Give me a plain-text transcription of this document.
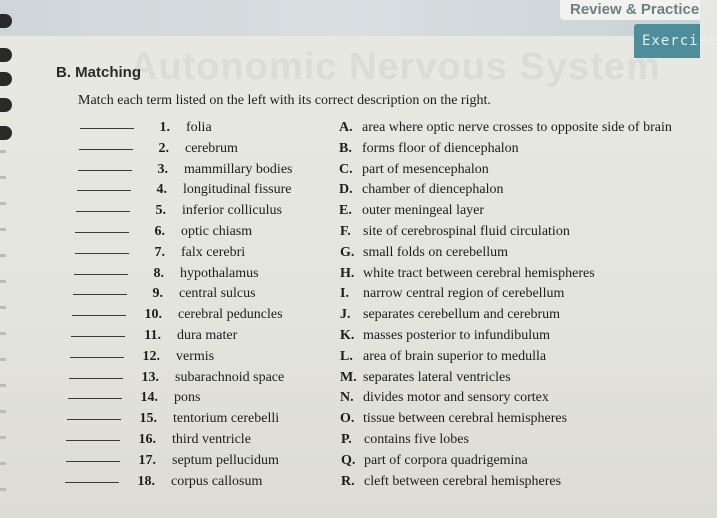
Review & Practice
Exercise
Autonomic Nervous System
B. Matching
Match each term listed on the left with its correct description on the right.
1. folia	A. area where optic nerve crosses to opposite side of brain
2. cerebrum	B. forms floor of diencephalon
3. mammillary bodies	C. part of mesencephalon
4. longitudinal fissure	D. chamber of diencephalon
5. inferior colliculus	E. outer meningeal layer
6. optic chiasm	F. site of cerebrospinal fluid circulation
7. falx cerebri	G. small folds on cerebellum
8. hypothalamus	H. white tract between cerebral hemispheres
9. central sulcus	I.	narrow central region of cerebellum
10. cerebral peduncles	J. separates cerebellum and cerebrum
11. dura mater	K. masses posterior to infundibulum
12. vermis	L. area of brain superior to medulla
13. subarachnoid space	M. separates lateral ventricles
14. pons	N. divides motor and sensory cortex
15. tentorium cerebelli	O. tissue between cerebral hemispheres
16. third ventricle	P. contains five lobes
17. septum pellucidum	Q. part of corpora quadrigemina
18. corpus callosum	R. cleft between cerebral hemispheres
